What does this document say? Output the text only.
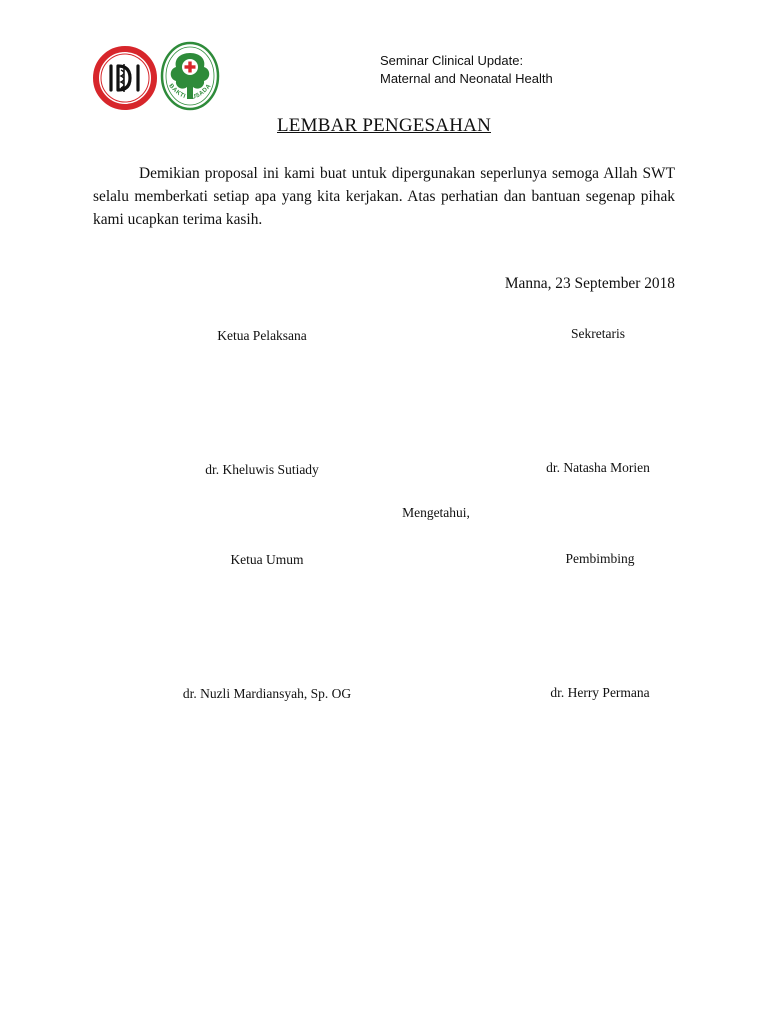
BAKTI HUSADA
Seminar Clinical Update:
Maternal and Neonatal Health
LEMBAR PENGESAHAN

Demikian proposal ini kami buat untuk dipergunakan seperlunya semoga Allah SWT selalu memberkati setiap apa yang kita kerjakan. Atas perhatian dan bantuan segenap pihak kami ucapkan terima kasih.

Manna, 23 September 2018
Ketua Pelaksana	Sekretaris
dr. Kheluwis Sutiady	dr. Natasha Morien
Mengetahui,
Ketua Umum	Pembimbing
dr. Nuzli Mardiansyah, Sp. OG	dr. Herry Permana
